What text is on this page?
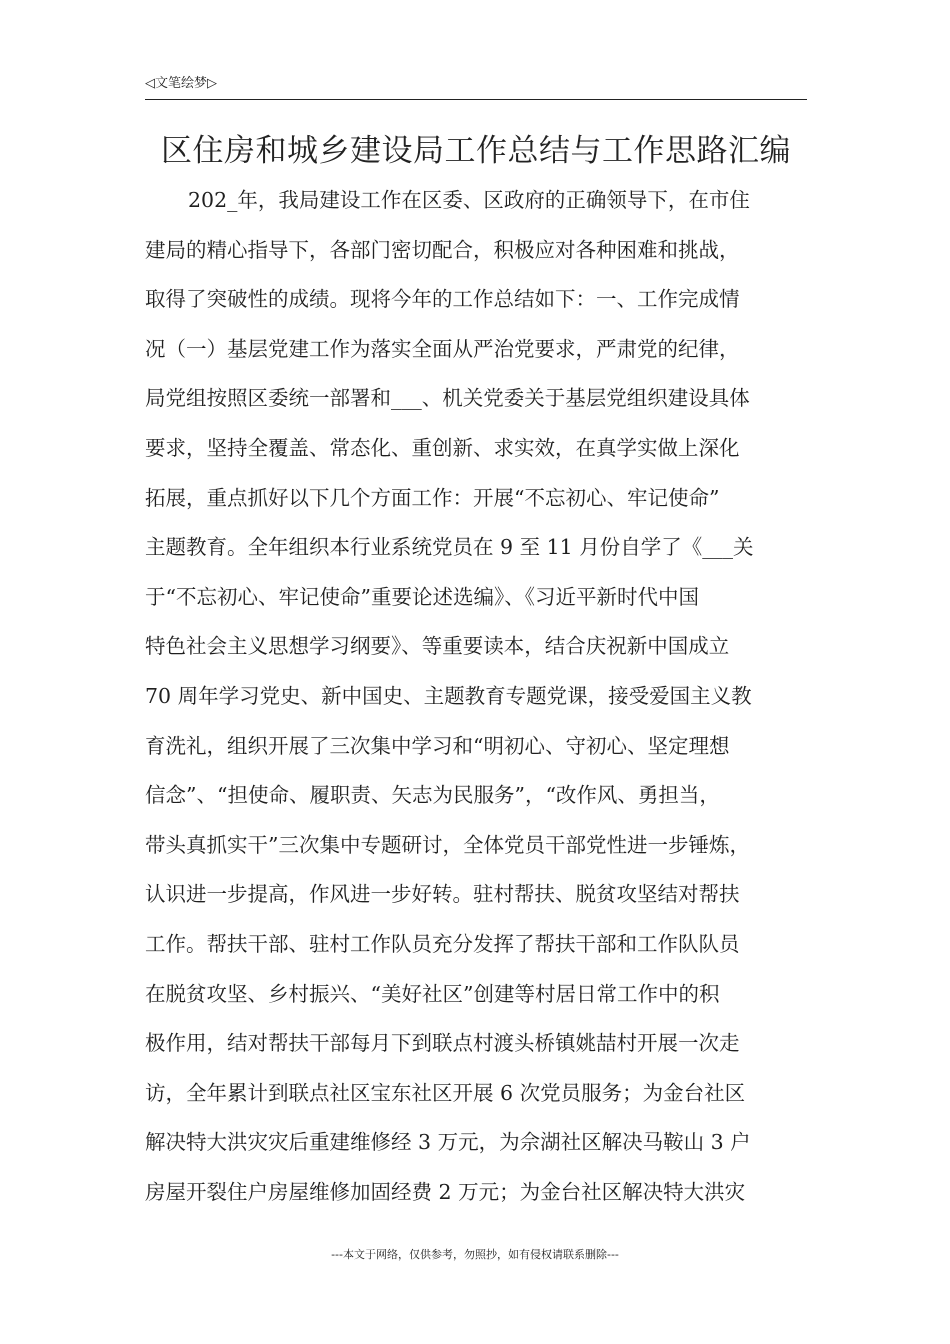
◁文笔绘梦▷
区住房和城乡建设局工作总结与工作思路汇编
202_年，我局建设工作在区委、区政府的正确领导下，在市住
建局的精心指导下，各部门密切配合，积极应对各种困难和挑战，
取得了突破性的成绩。现将今年的工作总结如下：一、工作完成情
况（一）基层党建工作为落实全面从严治党要求，严肃党的纪律，
局党组按照区委统一部署和___、机关党委关于基层党组织建设具体
要求，坚持全覆盖、常态化、重创新、求实效，在真学实做上深化
拓展，重点抓好以下几个方面工作：开展“不忘初心、牢记使命”
主题教育。全年组织本行业系统党员在 9 至 11 月份自学了《___关
于“不忘初心、牢记使命”重要论述选编》、《习近平新时代中国
特色社会主义思想学习纲要》、等重要读本，结合庆祝新中国成立
70 周年学习党史、新中国史、主题教育专题党课，接受爱国主义教
育洗礼，组织开展了三次集中学习和“明初心、守初心、坚定理想
信念”、“担使命、履职责、矢志为民服务”，“改作风、勇担当，
带头真抓实干”三次集中专题研讨，全体党员干部党性进一步锤炼，
认识进一步提高，作风进一步好转。驻村帮扶、脱贫攻坚结对帮扶
工作。帮扶干部、驻村工作队员充分发挥了帮扶干部和工作队队员
在脱贫攻坚、乡村振兴、“美好社区”创建等村居日常工作中的积
极作用，结对帮扶干部每月下到联点村渡头桥镇姚喆村开展一次走
访，全年累计到联点社区宝东社区开展 6 次党员服务；为金台社区
解决特大洪灾灾后重建维修经 3 万元，为佘湖社区解决马鞍山 3 户
房屋开裂住户房屋维修加固经费 2 万元；为金台社区解决特大洪灾
---本文于网络，仅供参考，勿照抄，如有侵权请联系删除---
